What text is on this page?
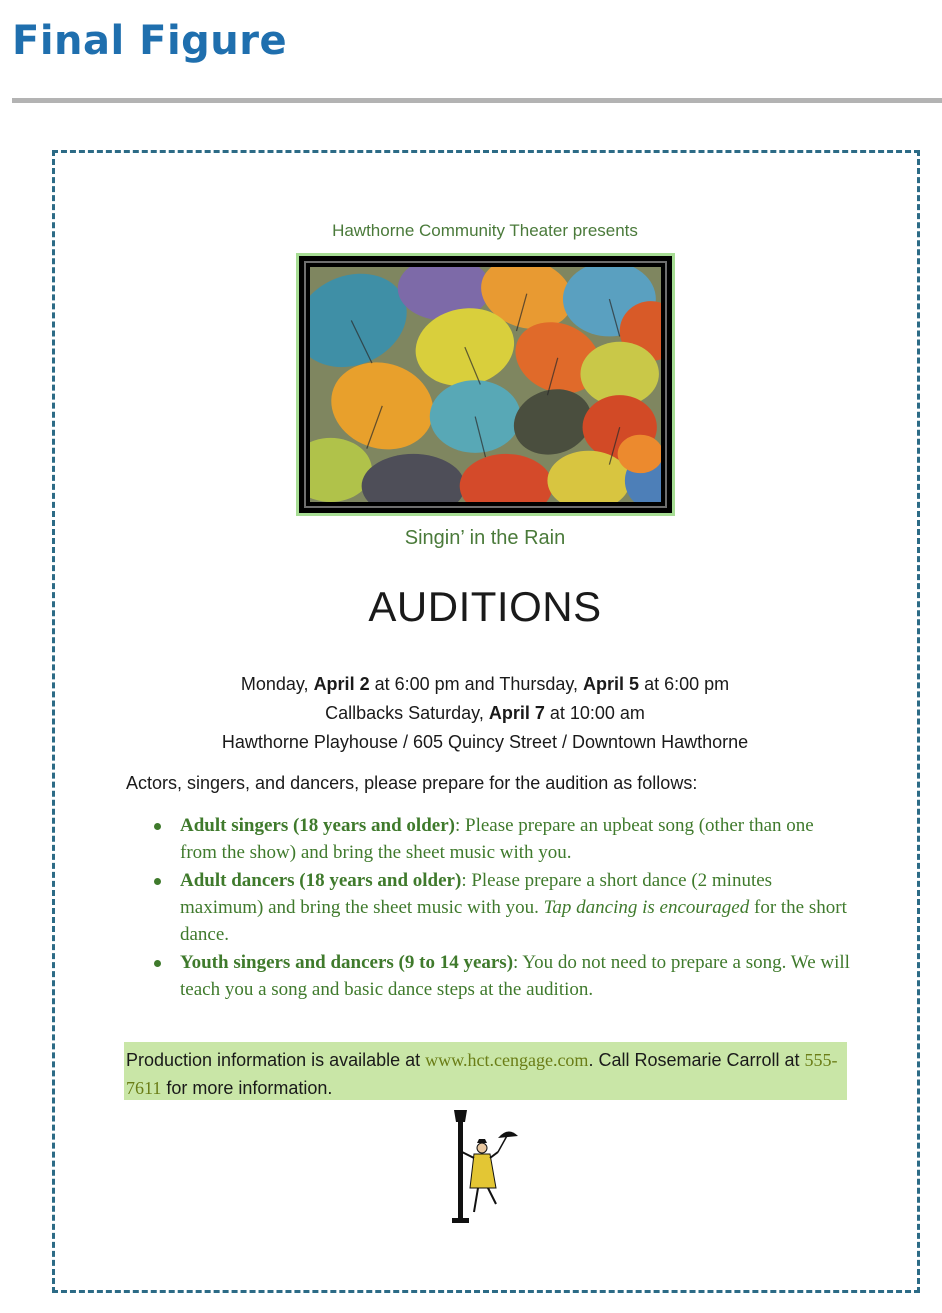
Final Figure
Hawthorne Community Theater presents
Singin’ in the Rain
AUDITIONS
Monday, April 2 at 6:00 pm and Thursday, April 5 at 6:00 pm
Callbacks Saturday, April 7 at 10:00 am
Hawthorne Playhouse / 605 Quincy Street / Downtown Hawthorne
Actors, singers, and dancers, please prepare for the audition as follows:
Adult singers (18 years and older): Please prepare an upbeat song (other than one from the show) and bring the sheet music with you.
Adult dancers (18 years and older): Please prepare a short dance (2 minutes maximum) and bring the sheet music with you. Tap dancing is encouraged for the short dance.
Youth singers and dancers (9 to 14 years): You do not need to prepare a song. We will teach you a song and basic dance steps at the audition.
Production information is available at www.hct.cengage.com. Call Rosemarie Carroll at 555-7611 for more information.
